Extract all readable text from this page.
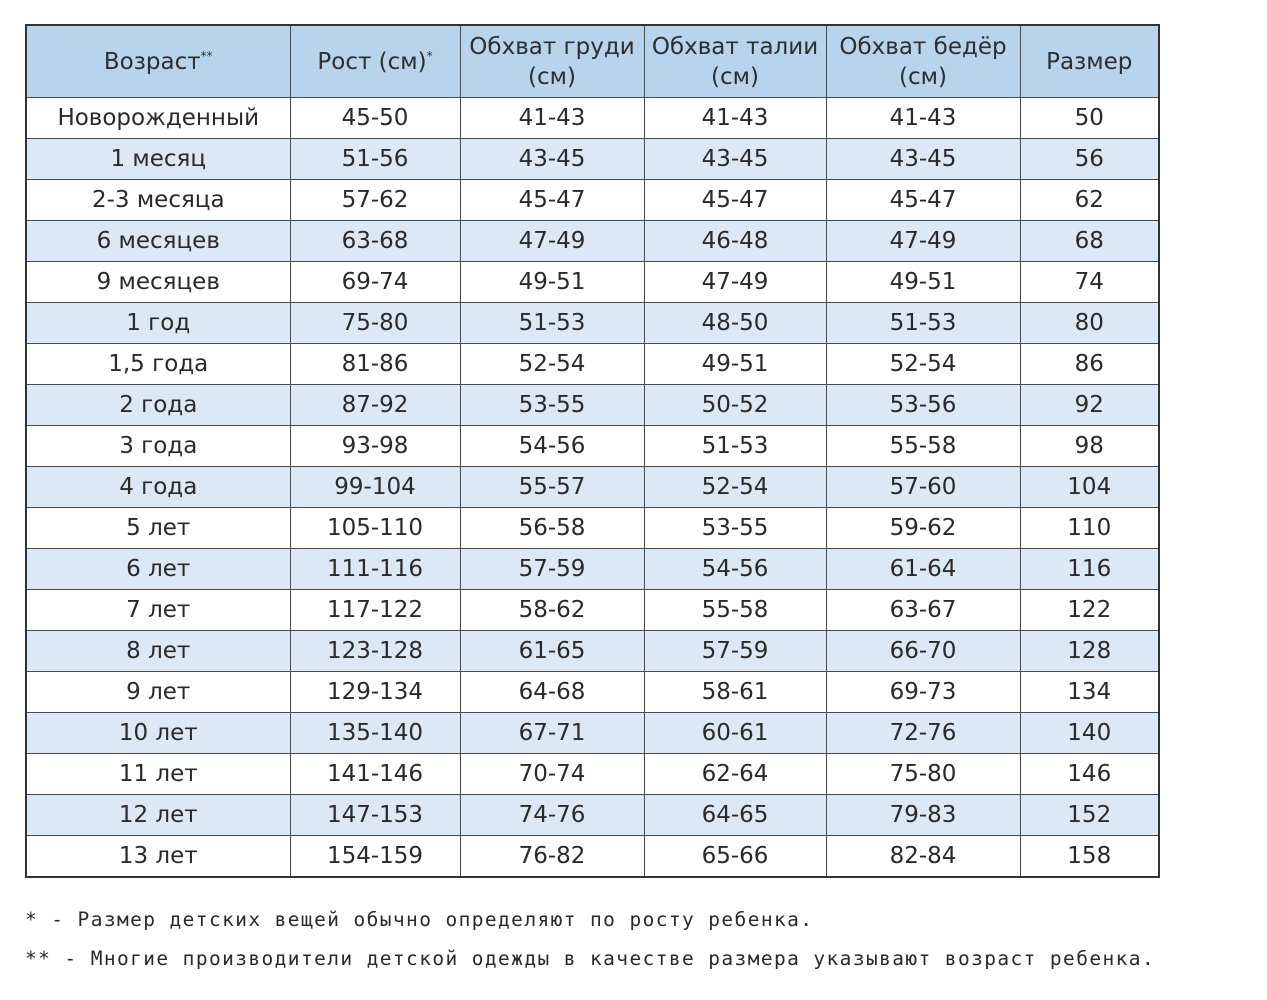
Возраст**	Рост (см)*	Обхват груди (см)	Обхват талии (см)	Обхват бедёр (см)	Размер
Новорожденный	45-50	41-43	41-43	41-43	50
1 месяц	51-56	43-45	43-45	43-45	56
2-3 месяца	57-62	45-47	45-47	45-47	62
6 месяцев	63-68	47-49	46-48	47-49	68
9 месяцев	69-74	49-51	47-49	49-51	74
1 год	75-80	51-53	48-50	51-53	80
1,5 года	81-86	52-54	49-51	52-54	86
2 года	87-92	53-55	50-52	53-56	92
3 года	93-98	54-56	51-53	55-58	98
4 года	99-104	55-57	52-54	57-60	104
5 лет	105-110	56-58	53-55	59-62	110
6 лет	111-116	57-59	54-56	61-64	116
7 лет	117-122	58-62	55-58	63-67	122
8 лет	123-128	61-65	57-59	66-70	128
9 лет	129-134	64-68	58-61	69-73	134
10 лет	135-140	67-71	60-61	72-76	140
11 лет	141-146	70-74	62-64	75-80	146
12 лет	147-153	74-76	64-65	79-83	152
13 лет	154-159	76-82	65-66	82-84	158
* - Размер детских вещей обычно определяют по росту ребенка.
** - Многие производители детской одежды в качестве размера указывают возраст ребенка.
